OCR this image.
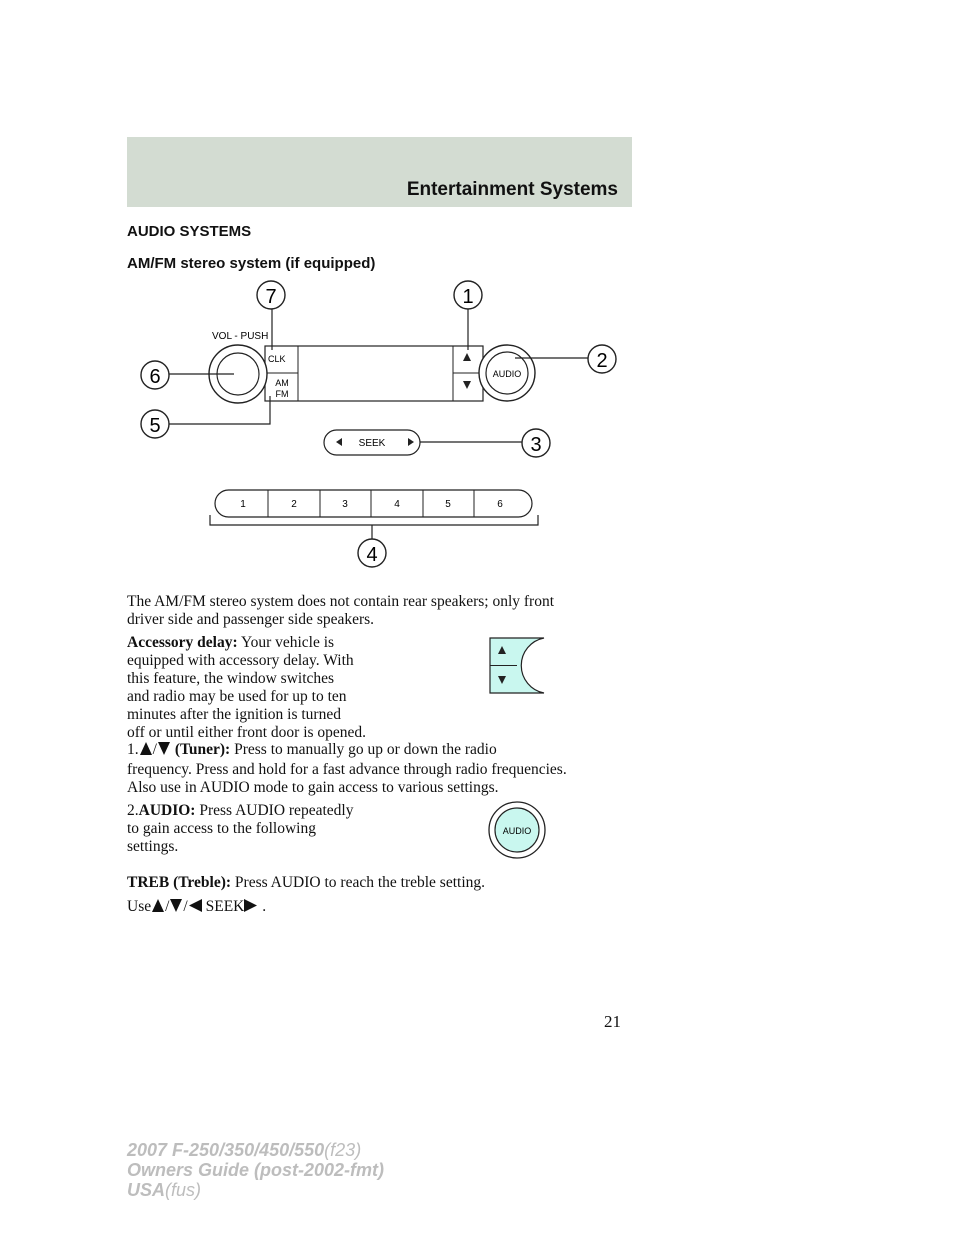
Entertainment Systems

AUDIO SYSTEMS

AM/FM stereo system (if equipped)

VOL - PUSH
CLK
AM
FM
AUDIO
SEEK
1	2	3	4	5	6
1
2
3
4
5
6
7

The AM/FM stereo system does not contain rear speakers; only front

driver side and passenger side speakers.

Accessory delay: Your vehicle is

equipped with accessory delay. With

this feature, the window switches

and radio may be used for up to ten

minutes after the ignition is turned

off or until either front door is opened.

1. / (Tuner): Press to manually go up or down the radio

frequency. Press and hold for a fast advance through radio frequencies.

Also use in AUDIO mode to gain access to various settings.

2.AUDIO: Press AUDIO repeatedly

to gain access to the following

settings.

AUDIO

TREB (Treble): Press AUDIO to reach the treble setting.

Use / / SEEK .

21

2007 F-250/350/450/550(f23)
Owners Guide (post-2002-fmt)
USA(fus)
